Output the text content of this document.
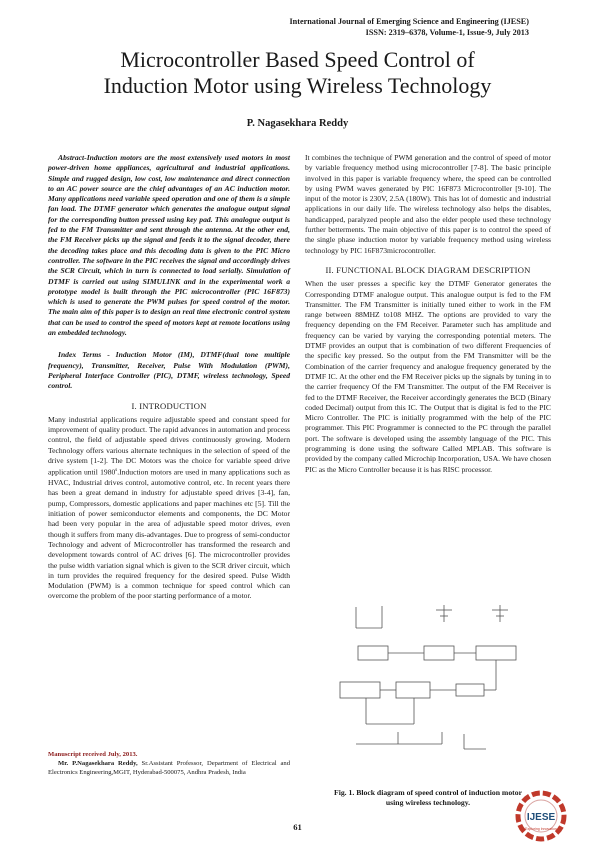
International Journal of Emerging Science and Engineering (IJESE)
ISSN: 2319–6378, Volume-1, Issue-9, July 2013
Microcontroller Based Speed Control of
Induction Motor using Wireless Technology
P. Nagasekhara Reddy

Abstract-Induction motors are the most extensively used motors in most power-driven home appliances, agricultural and industrial applications. Simple and rugged design, low cost, low maintenance and direct connection to an AC power source are the chief advantages of an AC induction motor. Many applications need variable speed operation and one of them is a simple fan load. The DTMF generator which generates the analogue output signal for the corresponding button pressed using key pad. This analogue output is fed to the FM Transmitter and sent through the antenna. At the other end, the FM Receiver picks up the signal and feeds it to the signal decoder, there the decoding takes place and this decoding data is given to the PIC Micro controller. The software in the PIC receives the signal and accordingly drives the SCR Circuit, which in turn is connected to load serially. Simulation of DTMF is carried out using SIMULINK and in the experimental work a prototype model is built through the PIC microcontroller (PIC 16F873) which is used to generate the PWM pulses for speed control of the motor. The main aim of this paper is to design an real time electronic control system that can be used to control the speed of motors kept at remote locations using an embedded technology.

Index Terms - Induction Motor (IM), DTMF(dual tone multiple frequency), Transmitter, Receiver, Pulse With Modulation (PWM), Peripheral Interface Controller (PIC), DTMF, wireless technology, Speed control.

I. INTRODUCTION

Many industrial applications require adjustable speed and constant speed for improvement of quality product. The rapid advances in automation and process control, the field of adjustable speed drives continuously growing. Modern Technology offers various alternate techniques in the selection of speed of the drive system [1-2]. The DC Motors was the choice for variable speed drive application until 1980$^s$.Induction motors are used in many applications such as HVAC, Industrial drives control, automotive control, etc. In recent years there has been a great demand in industry for adjustable speed drives [3-4], fan, pump, Compressors, domestic applications and paper machines etc [5]. Till the initiation of power semiconductor elements and components, the DC Motor had been very popular in the area of adjustable speed motor drives, even though it suffers from many dis-advantages. Due to progress of semi-conductor Technology and advent of Microcontroller has transformed the research and development towards control of AC drives [6]. The microcontroller provides the pulse width variation signal which is given to the SCR driver circuit, which in turn provides the required frequency for the desired speed. Pulse Width Modulation (PWM) is a common technique for speed control which can overcome the problem of the poor starting performance of a motor.

Manuscript received July, 2013.
Mr. P.Nagasekhara Reddy, Sr.Assistant Professor, Department of Electrical and Electronics Engineering,MGIT, Hyderabad-500075, Andhra Pradesh, India

It combines the technique of PWM generation and the control of speed of motor by variable frequency method using microcontroller [7-8]. The basic principle involved in this paper is variable frequency where, the speed can be controlled by using PWM waves generated by PIC 16F873 Microcontroller [9-10]. The input of the motor is 230V, 2.5A (180W). This has lot of domestic and industrial applications in our daily life. The wireless technology also helps the disables, handicapped, paralyzed people and also the elder people used these technology further betterments. The main objective of this paper is to control the speed of the single phase induction motor by variable frequency method using wireless technology by PIC 16F873microcontroller.

II. FUNCTIONAL BLOCK DIAGRAM DESCRIPTION

When the user presses a specific key the DTMF Generator generates the Corresponding DTMF analogue output. This analogue output is fed to the FM Transmitter. The FM Transmitter is initially tuned either to work in the FM range between 88MHZ to108 MHZ. The options are provided to vary the frequency depending on the FM Receiver. Parameter such has amplitude and frequency can be varied by varying the corresponding potential meters. The DTMF provides an output that is combination of two different Frequencies of the specific key pressed. So the output from the FM Transmitter will be the Combination of the carrier frequency and analogue frequency generated by the DTMF IC. At the other end the FM Receiver picks up the signals by tuning in to the carrier frequency Of the FM Transmitter. The output of the FM Receiver is fed to the DTMF Receiver, the Receiver accordingly generates the BCD (Binary coded Decimal) output from this IC. The Output that is digital is fed to the PIC Micro Controller. The PIC is initially programmed with the help of the PIC programmer. This PIC Programmer is connected to the PC through the parallel port. The software is developed using the assembly language of the PIC. This programming is done using the software Called MPLAB. This software is provided by the company called Microchip Incorporation, USA. We have chosen PIC as the Micro Controller because it is has RISC processor.

Fig. 1. Block diagram of speed control of induction motor
using wireless technology.
61
IJESE
Exploring Innovation
